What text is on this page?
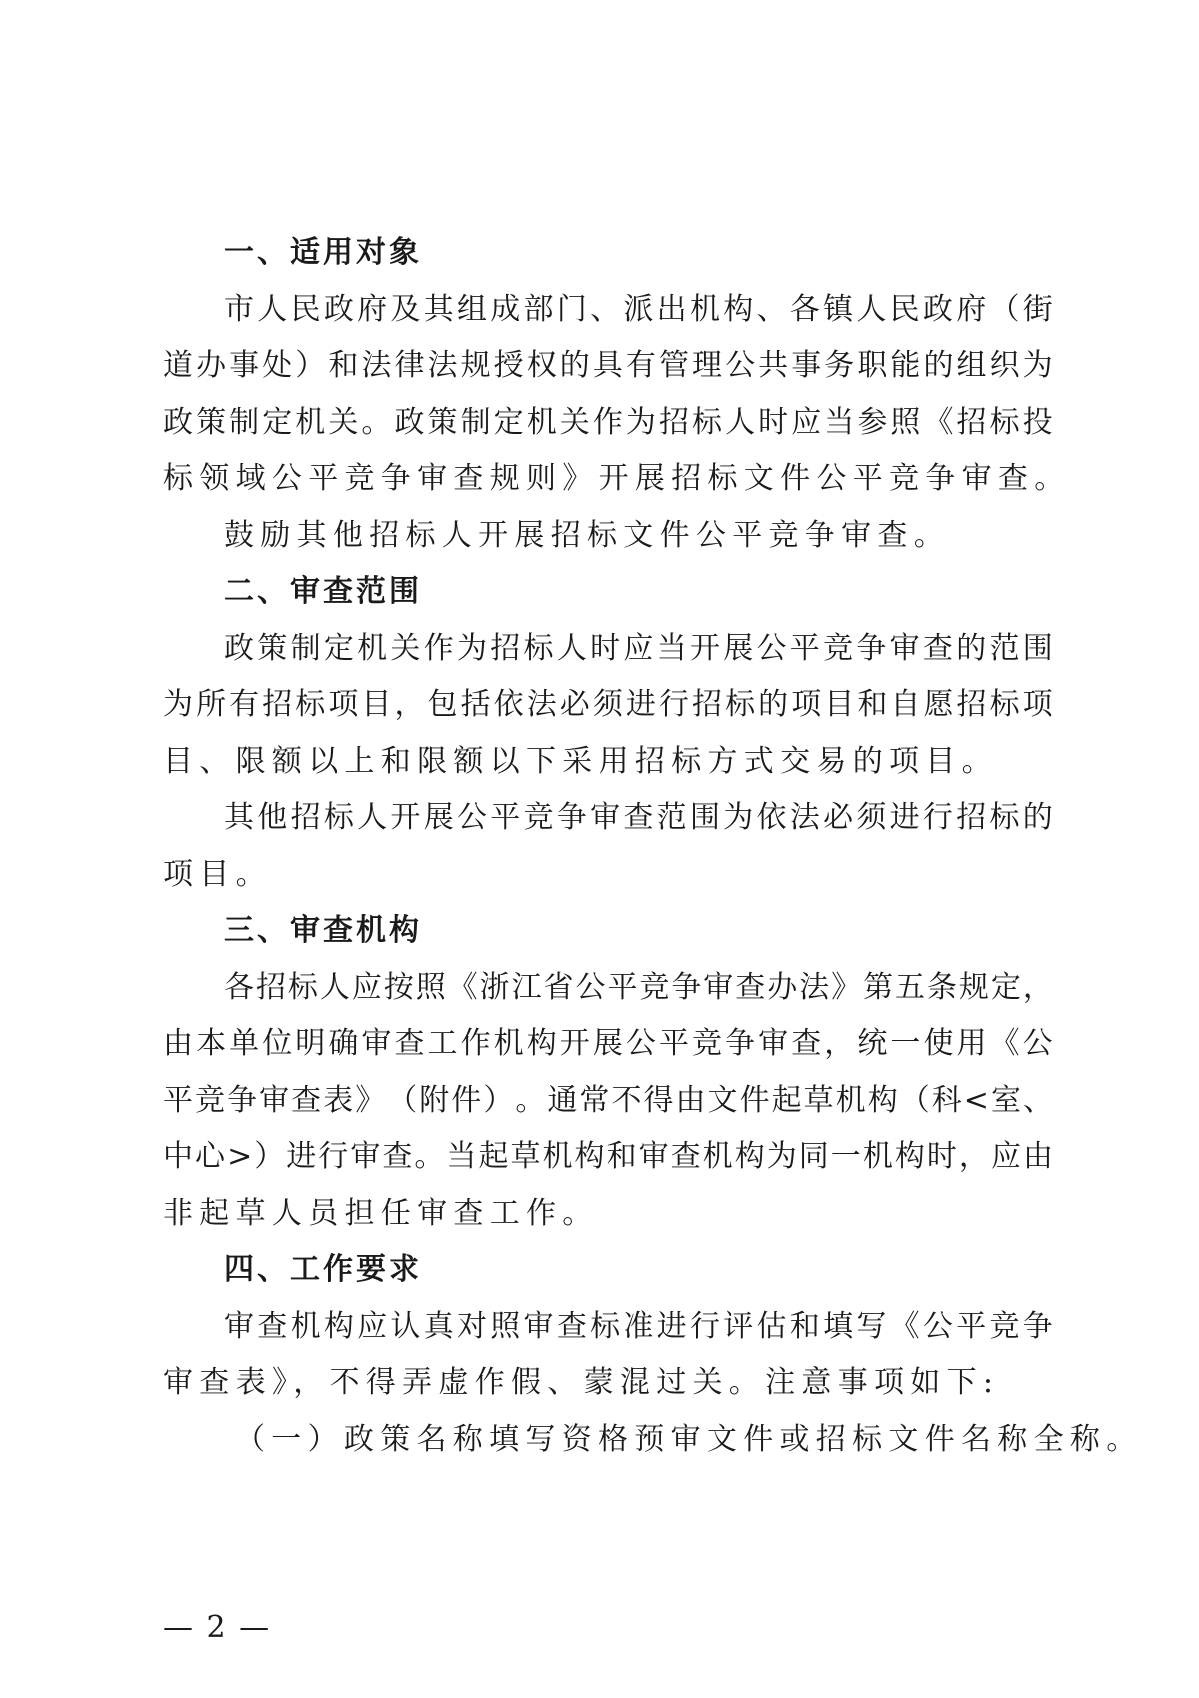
一、适用对象
市 人 民 政 府 及 其 组 成 部 门 、 派 出 机 构 、 各 镇 人 民 政 府 （ 街
道 办 事 处 ） 和 法 律 法 规 授 权 的 具 有 管 理 公 共 事 务 职 能 的 组 织 为
政 策 制 定 机 关 。 政 策 制 定 机 关 作 为 招 标 人 时 应 当 参 照 《 招 标 投
标领域公平竞争审查规则》开展招标文件公平竞争审查。
鼓励其他招标人开展招标文件公平竞争审查。
二、审查范围
政 策 制 定 机 关 作 为 招 标 人 时 应 当 开 展 公 平 竞 争 审 查 的 范 围
为 所 有 招 标 项 目 ， 包 括 依 法 必 须 进 行 招 标 的 项 目 和 自 愿 招 标 项
目、限额以上和限额以下采用招标方式交易的项目。
其 他 招 标 人 开 展 公 平 竞 争 审 查 范 围 为 依 法 必 须 进 行 招 标 的
项目。
三、审查机构
各 招 标 人 应 按 照 《 浙 江 省 公 平 竞 争 审 查 办 法 》 第 五 条 规 定 ，
由 本 单 位 明 确 审 查 工 作 机 构 开 展 公 平 竞 争 审 查 ， 统 一 使 用 《 公
平 竞 争 审 查 表 》 （ 附 件 ） 。 通 常 不 得 由 文 件 起 草 机 构 （ 科 < 室 、
中 心 > ） 进 行 审 查 。 当 起 草 机 构 和 审 查 机 构 为 同 一 机 构 时 ， 应 由
非起草人员担任审查工作。
四、工作要求
审 查 机 构 应 认 真 对 照 审 查 标 准 进 行 评 估 和 填 写 《 公 平 竞 争
审查表》，不得弄虚作假、蒙混过关。注意事项如下:
（一）政策名称填写资格预审文件或招标文件名称全称。
— 2 —
